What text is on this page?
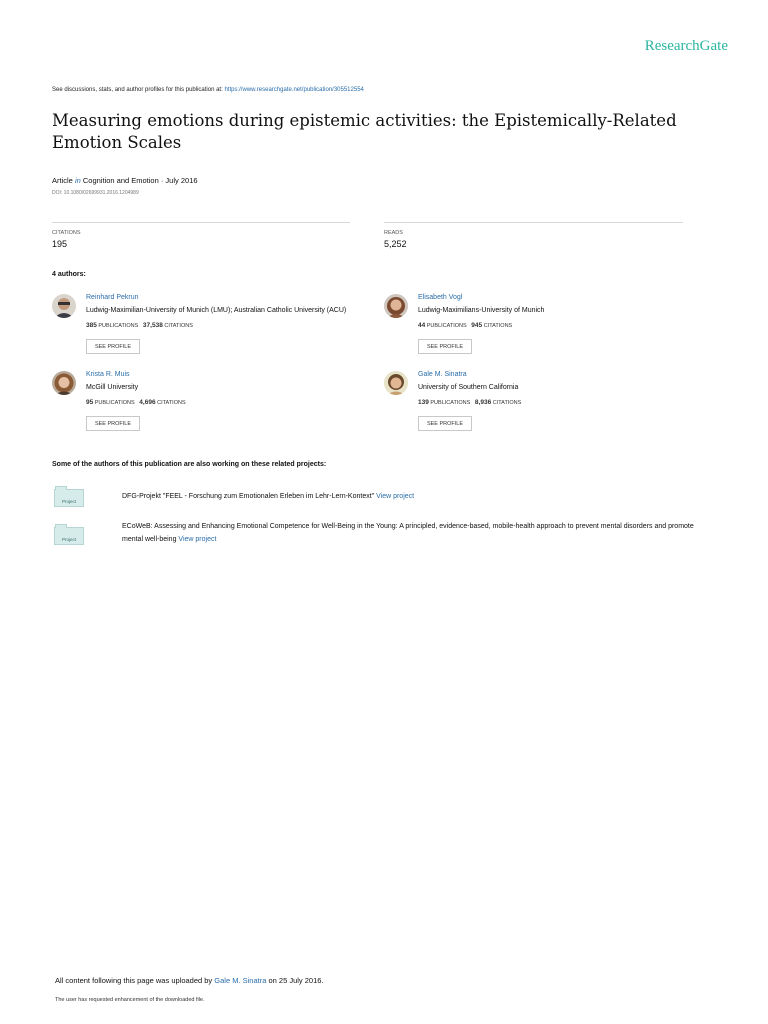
ResearchGate
See discussions, stats, and author profiles for this publication at: https://www.researchgate.net/publication/305512554
Measuring emotions during epistemic activities: the Epistemically-Related Emotion Scales
Article in Cognition and Emotion · July 2016
DOI: 10.1080/02699931.2016.1204989
CITATIONS
195
READS
5,252
4 authors:
Reinhard Pekrun
Ludwig-Maximilian-University of Munich (LMU); Australian Catholic University (ACU)
385 PUBLICATIONS 37,538 CITATIONS
SEE PROFILE
Elisabeth Vogl
Ludwig-Maximilians-University of Munich
44 PUBLICATIONS 945 CITATIONS
SEE PROFILE
Krista R. Muis
McGill University
95 PUBLICATIONS 4,696 CITATIONS
SEE PROFILE
Gale M. Sinatra
University of Southern California
139 PUBLICATIONS 8,936 CITATIONS
SEE PROFILE
Some of the authors of this publication are also working on these related projects:
Project
DFG-Projekt "FEEL - Forschung zum Emotionalen Erleben im Lehr-Lern-Kontext" View project
Project
ECoWeB: Assessing and Enhancing Emotional Competence for Well-Being in the Young: A principled, evidence-based, mobile-health approach to prevent mental disorders and promote mental well-being View project
All content following this page was uploaded by Gale M. Sinatra on 25 July 2016.
The user has requested enhancement of the downloaded file.
